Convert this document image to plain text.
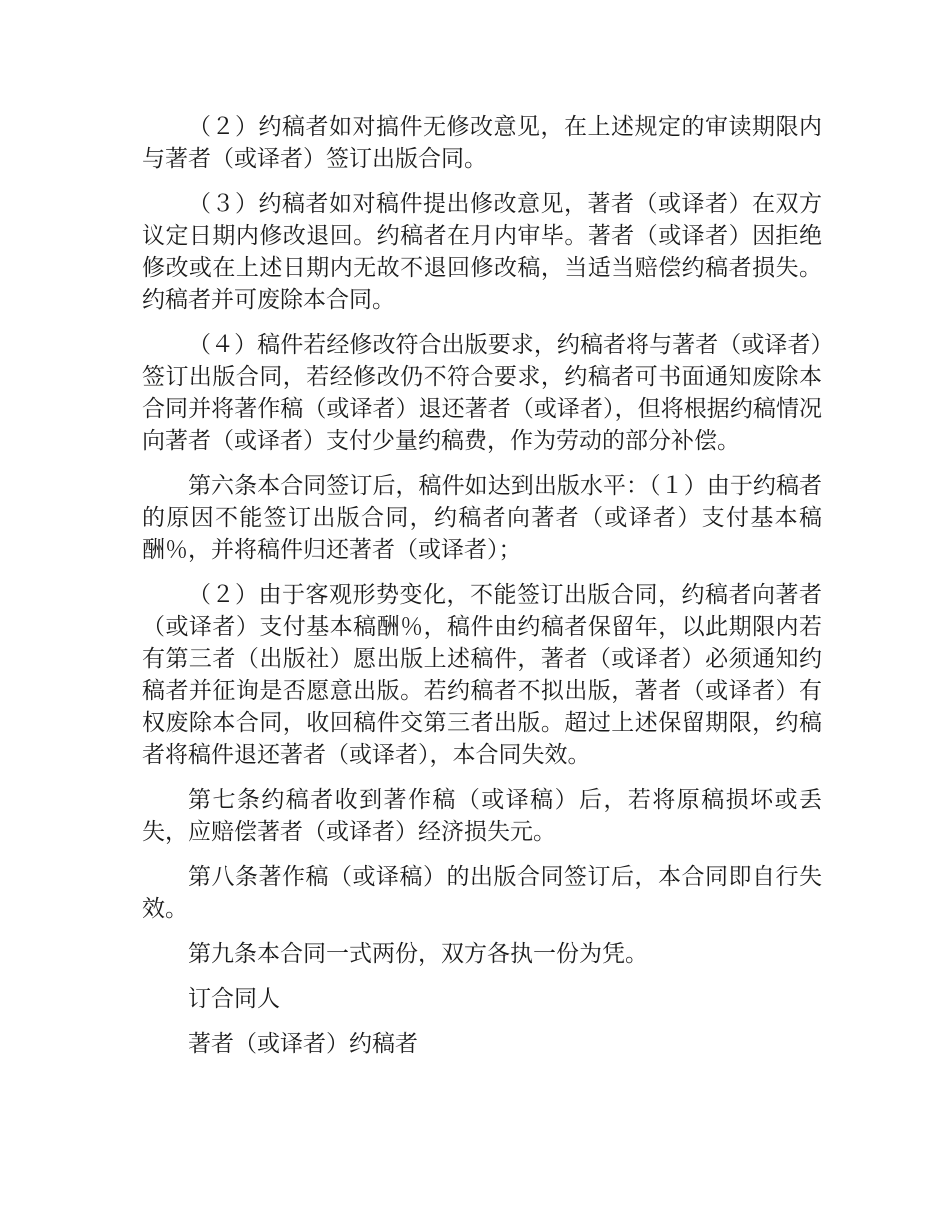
（２）约稿者如对搞件无修改意见，在上述规定的审读期限内与著者（或译者）签订出版合同。

（３）约稿者如对稿件提出修改意见，著者（或译者）在双方议定日期内修改退回。约稿者在月内审毕。著者（或译者）因拒绝修改或在上述日期内无故不退回修改稿，当适当赔偿约稿者损失。约稿者并可废除本合同。

（４）稿件若经修改符合出版要求，约稿者将与著者（或译者）签订出版合同，若经修改仍不符合要求，约稿者可书面通知废除本合同并将著作稿（或译者）退还著者（或译者），但将根据约稿情况向著者（或译者）支付少量约稿费，作为劳动的部分补偿。

第六条本合同签订后，稿件如达到出版水平：（１）由于约稿者的原因不能签订出版合同，约稿者向著者（或译者）支付基本稿酬％，并将稿件归还著者（或译者）；

（２）由于客观形势变化，不能签订出版合同，约稿者向著者（或译者）支付基本稿酬％，稿件由约稿者保留年，以此期限内若有第三者（出版社）愿出版上述稿件，著者（或译者）必须通知约稿者并征询是否愿意出版。若约稿者不拟出版，著者（或译者）有权废除本合同，收回稿件交第三者出版。超过上述保留期限，约稿者将稿件退还著者（或译者），本合同失效。

第七条约稿者收到著作稿（或译稿）后，若将原稿损坏或丢失，应赔偿著者（或译者）经济损失元。

第八条著作稿（或译稿）的出版合同签订后，本合同即自行失效。

第九条本合同一式两份，双方各执一份为凭。

订合同人

著者（或译者）约稿者
